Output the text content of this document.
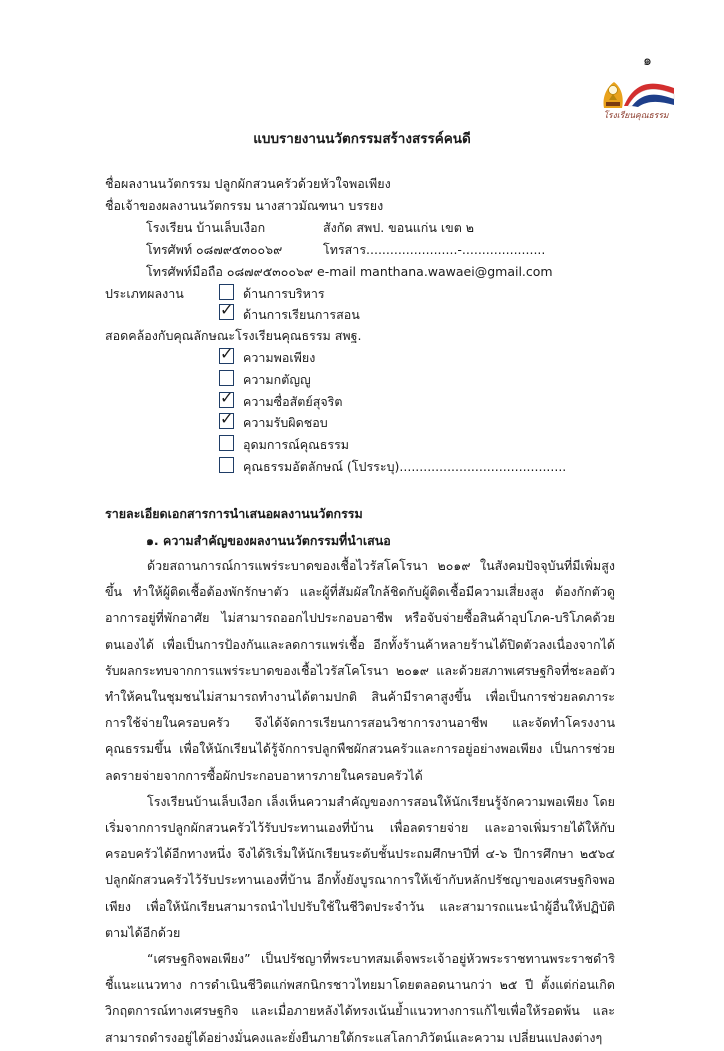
๑
โรงเรียนคุณธรรม
แบบรายงานนวัตกรรมสร้างสรรค์คนดี
ชื่อผลงานนวัตกรรม ปลูกผักสวนครัวด้วยหัวใจพอเพียง
ชื่อเจ้าของผลงานนวัตกรรม นางสาวมัณฑนา บรรยง
โรงเรียน บ้านเล็บเงือก	สังกัด สพป. ขอนแก่น เขต ๒
โทรศัพท์ ๐๘๗๙๕๓๐๐๖๙	โทรสาร.......................-.....................
โทรศัพท์มือถือ ๐๘๗๙๕๓๐๐๖๙ e-mail manthana.wawaei@gmail.com
ประเภทผลงาน	ด้านการบริหาร
✓ ด้านการเรียนการสอน
สอดคล้องกับคุณลักษณะโรงเรียนคุณธรรม สพฐ.
✓ ความพอเพียง
ความกตัญญู
✓ ความซื่อสัตย์สุจริต
✓ ความรับผิดชอบ
อุดมการณ์คุณธรรม
คุณธรรมอัตลักษณ์ (โปรระบุ)..........................................
รายละเอียดเอกสารการนำเสนอผลงานนวัตกรรม
๑. ความสำคัญของผลงานนวัตกรรมที่นำเสนอ

ด้วยสถานการณ์การแพร่ระบาดของเชื้อไวรัสโคโรนา ๒๐๑๙ ในสังคมปัจจุบันที่มีเพิ่มสูงขึ้น ทำให้ผู้ติดเชื้อต้องพักรักษาตัว และผู้ที่สัมผัสใกล้ชิดกับผู้ติดเชื้อมีความเสี่ยงสูง ต้องกักตัวดูอาการอยู่ที่พักอาศัย ไม่สามารถออกไปประกอบอาชีพ หรือจับจ่ายซื้อสินค้าอุปโภค-บริโภคด้วยตนเองได้ เพื่อเป็นการป้องกันและลดการแพร่เชื้อ อีกทั้งร้านค้าหลายร้านได้ปิดตัวลงเนื่องจากได้รับผลกระทบจากการแพร่ระบาดของเชื้อไวรัสโคโรนา ๒๐๑๙ และด้วยสภาพเศรษฐกิจที่ชะลอตัว ทำให้คนในชุมชนไม่สามารถทำงานได้ตามปกติ สินค้ามีราคาสูงขึ้น เพื่อเป็นการช่วยลดภาระการใช้จ่ายในครอบครัว จึงได้จัดการเรียนการสอนวิชาการงานอาชีพ และจัดทำโครงงานคุณธรรมขึ้น เพื่อให้นักเรียนได้รู้จักการปลูกพืชผักสวนครัวและการอยู่อย่างพอเพียง เป็นการช่วยลดรายจ่ายจากการซื้อผักประกอบอาหารภายในครอบครัวได้

โรงเรียนบ้านเล็บเงือก เล็งเห็นความสำคัญของการสอนให้นักเรียนรู้จักความพอเพียง โดยเริ่มจากการปลูกผักสวนครัวไว้รับประทานเองที่บ้าน เพื่อลดรายจ่าย และอาจเพิ่มรายได้ให้กับครอบครัวได้อีกทางหนึ่ง จึงได้ริเริ่มให้นักเรียนระดับชั้นประถมศึกษาปีที่ ๔-๖ ปีการศึกษา ๒๕๖๔ ปลูกผักสวนครัวไว้รับประทานเองที่บ้าน อีกทั้งยังบูรณาการให้เข้ากับหลักปรัชญาของเศรษฐกิจพอเพียง เพื่อให้นักเรียนสามารถนำไปปรับใช้ในชีวิตประจำวัน และสามารถแนะนำผู้อื่นให้ปฏิบัติตามได้อีกด้วย

“เศรษฐกิจพอเพียง” เป็นปรัชญาที่พระบาทสมเด็จพระเจ้าอยู่หัวพระราชทานพระราชดำริชี้แนะแนวทาง การดำเนินชีวิตแก่พสกนิกรชาวไทยมาโดยตลอดนานกว่า ๒๕ ปี ตั้งแต่ก่อนเกิดวิกฤตการณ์ทางเศรษฐกิจ และเมื่อภายหลังได้ทรงเน้นย้ำแนวทางการแก้ไขเพื่อให้รอดพ้น และสามารถดำรงอยู่ได้อย่างมั่นคงและยั่งยืนภายใต้กระแสโลกาภิวัตน์และความ เปลี่ยนแปลงต่างๆ
